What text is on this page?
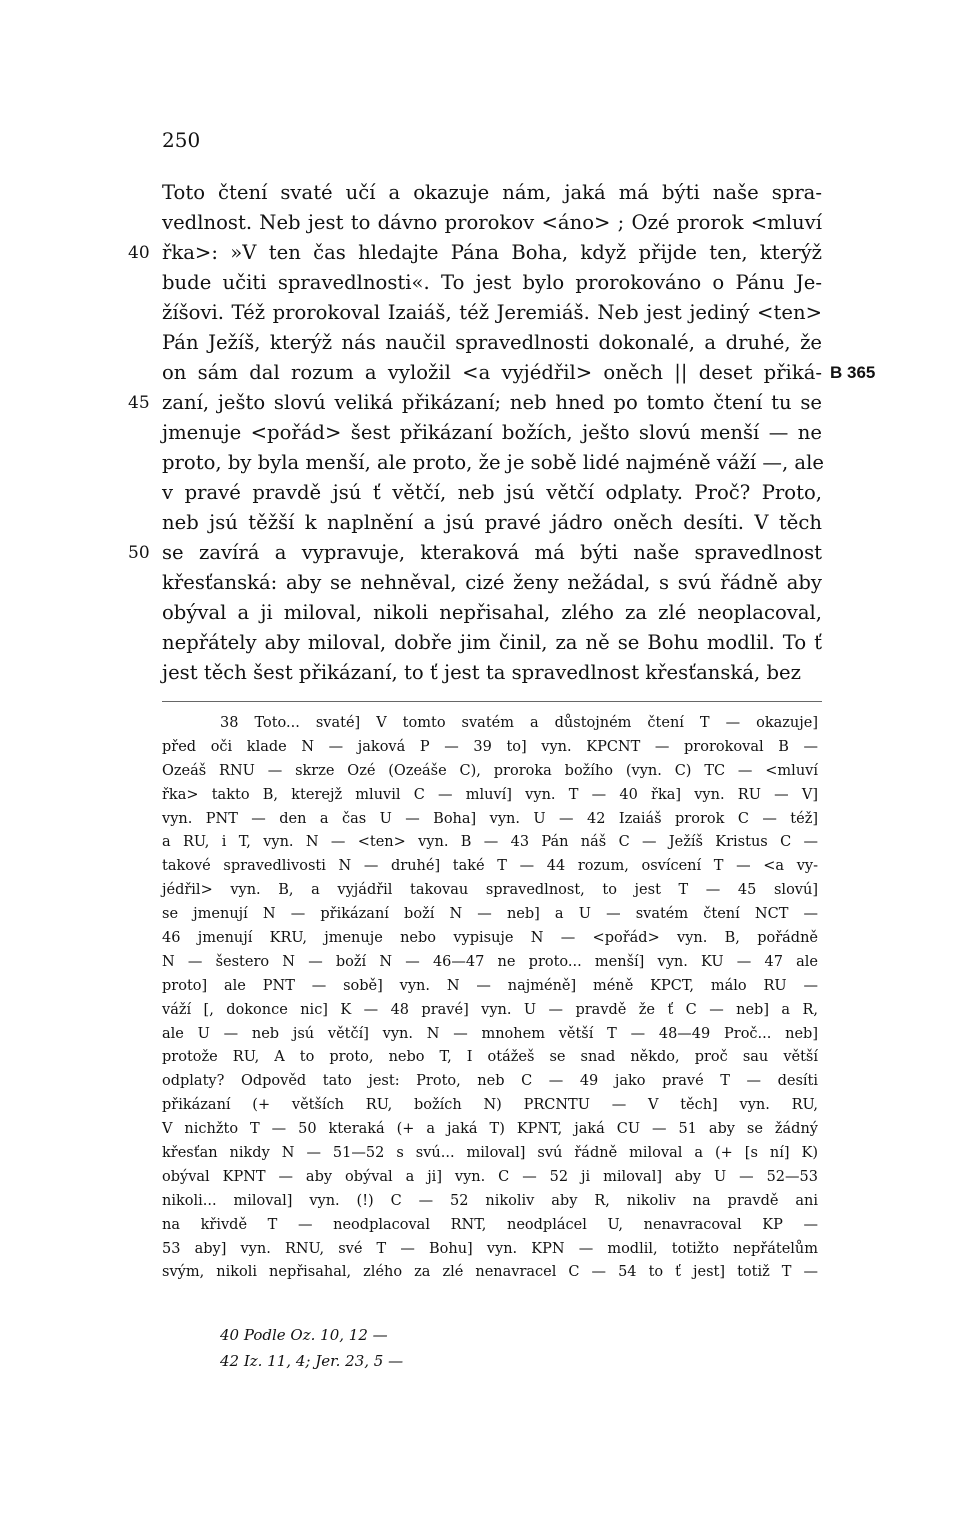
250
Toto čtení svaté učí a okazuje nám, jaká má býti naše spra-
vedlnost. Neb jest to dávno prorokov <áno> ; Ozé prorok <mluví
40 řka>: »V ten čas hledajte Pána Boha, když přijde ten, kterýž
bude učiti spravedlnosti«. To jest bylo prorokováno o Pánu Je-
žíšovi. Též prorokoval Izaiáš, též Jeremiáš. Neb jest jediný <ten>
Pán Ježíš, kterýž nás naučil spravedlnosti dokonalé, a druhé, že
on sám dal rozum a vyložil <a vyjédřil> oněch || deset přiká- B 365
45 zaní, ješto slovú veliká přikázaní; neb hned po tomto čtení tu se
jmenuje <pořád> šest přikázaní božích, ješto slovú menší — ne
proto, by byla menší, ale proto, že je sobě lidé najméně váží —, ale
v pravé pravdě jsú ť větčí, neb jsú větčí odplaty. Proč? Proto,
neb jsú těžší k naplnění a jsú pravé jádro oněch desíti. V těch
50 se zavírá a vypravuje, kteraková má býti naše spravedlnost
křesťanská: aby se nehněval, cizé ženy nežádal, s svú řádně aby
obýval a ji miloval, nikoli nepřisahal, zlého za zlé neoplacoval,
nepřátely aby miloval, dobře jim činil, za ně se Bohu modlil. To ť
jest těch šest přikázaní, to ť jest ta spravedlnost křesťanská, bez
38 Toto... svaté] V tomto svatém a důstojném čtení T — okazuje]
před oči klade N — jaková P — 39 to] vyn. KPCNT — prorokoval B —
Ozeáš RNU — skrze Ozé (Ozeáše C), proroka božího (vyn. C) TC — <mluví
řka> takto B, kterejž mluvil C — mluví] vyn. T — 40 řka] vyn. RU — V]
vyn. PNT — den a čas U — Boha] vyn. U — 42 Izaiáš prorok C — též]
a RU, i T, vyn. N — <ten> vyn. B — 43 Pán náš C — Ježíš Kristus C —
takové spravedlivosti N — druhé] také T — 44 rozum, osvícení T — <a vy-
jédřil> vyn. B, a vyjádřil takovau spravedlnost, to jest T — 45 slovú]
se jmenují N — přikázaní boží N — neb] a U — svatém čtení NCT —
46 jmenují KRU, jmenuje nebo vypisuje N — <pořád> vyn. B, pořádně
N — šestero N — boží N — 46—47 ne proto... menší] vyn. KU — 47 ale
proto] ale PNT — sobě] vyn. N — najméně] méně KPCT, málo RU —
váží [, dokonce nic] K — 48 pravé] vyn. U — pravdě že ť C — neb] a R,
ale U — neb jsú větčí] vyn. N — mnohem větší T — 48—49 Proč... neb]
protože RU, A to proto, nebo T, I otážeš se snad někdo, proč sau větší
odplaty? Odpověd tato jest: Proto, neb C — 49 jako pravé T — desíti
přikázaní (+ větších RU, božích N) PRCNTU — V těch] vyn. RU,
V nichžto T — 50 kteraká (+ a jaká T) KPNT, jaká CU — 51 aby se žádný
křesťan nikdy N — 51—52 s svú... miloval] svú řádně miloval a (+ [s ní] K)
obýval KPNT — aby obýval a ji] vyn. C — 52 ji miloval] aby U — 52—53
nikoli... miloval] vyn. (!) C — 52 nikoliv aby R, nikoliv na pravdě ani
na křivdě T — neodplacoval RNT, neodplácel U, nenavracoval KP —
53 aby] vyn. RNU, své T — Bohu] vyn. KPN — modlil, totižto nepřátelům
svým, nikoli nepřisahal, zlého za zlé nenavracel C — 54 to ť jest] totiž T —
40 Podle Oz. 10, 12 —
42 Iz. 11, 4; Jer. 23, 5 —
